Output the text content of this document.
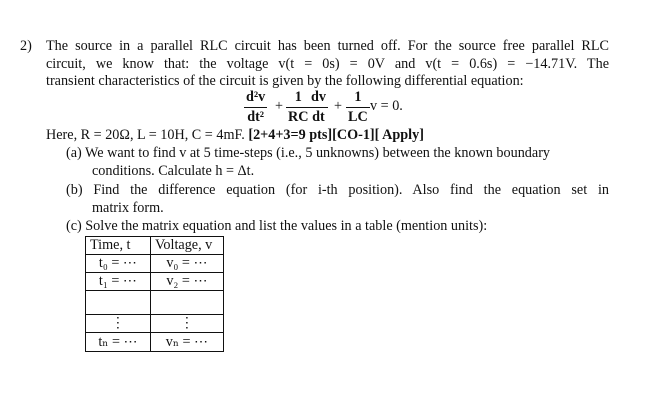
2) The source in a parallel RLC circuit has been turned off. For the source free parallel RLC
circuit, we know that: the voltage v(t = 0s) = 0V and v(t = 0.6s) = −14.71V. The
transient characteristics of the circuit is given by the following differential equation:
d²v
dt²
+
1
RC
dv
dt
+
1
LC
v = 0.
Here, R = 20Ω, L = 10H, C = 4mF. [2+4+3=9 pts][CO-1][ Apply]
(a) We want to find v at 5 time-steps (i.e., 5 unknowns) between the known boundary
conditions. Calculate h = Δt.
(b) Find the difference equation (for i-th position). Also find the equation set in
matrix form.
(c) Solve the matrix equation and list the values in a table (mention units):
Time, t	Voltage, v
t₀ = ⋯	v₀ = ⋯
t₁ = ⋯	v₂ = ⋯

⋮	⋮
tₙ = ⋯	vₙ = ⋯
